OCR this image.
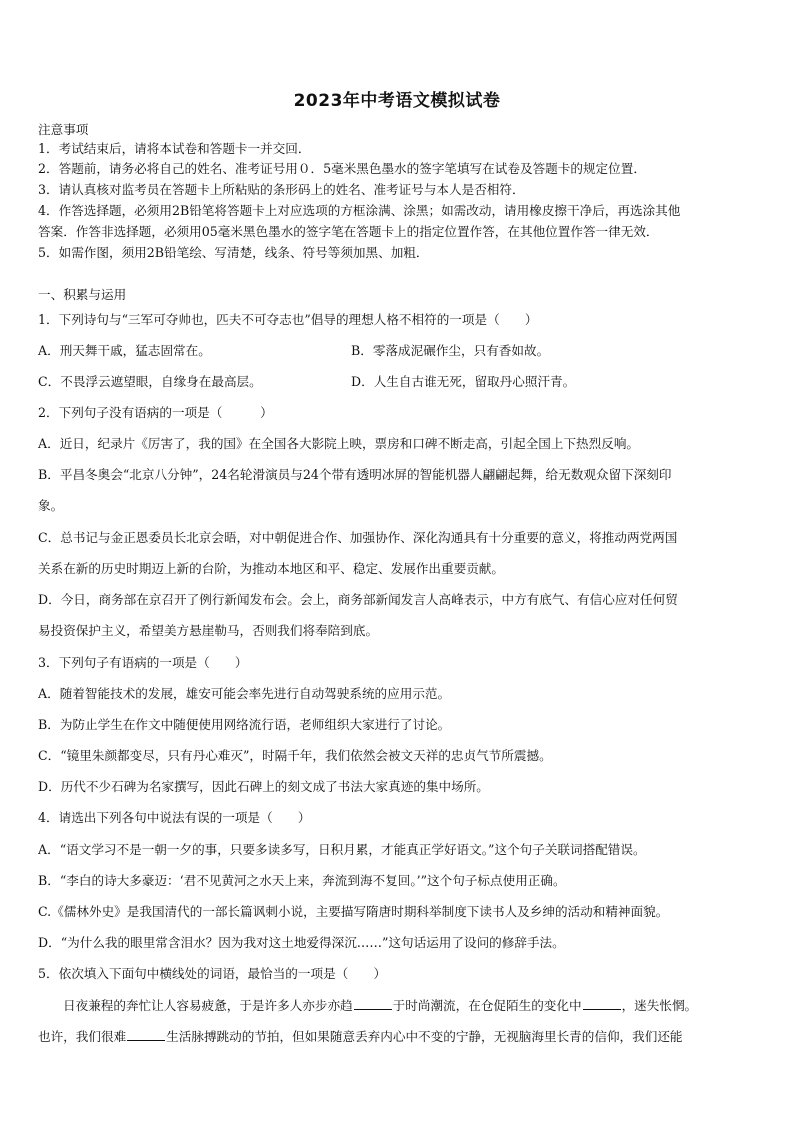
2023年中考语文模拟试卷
注意事项
1．考试结束后，请将本试卷和答题卡一并交回．
2．答题前，请务必将自己的姓名、准考证号用０．5毫米黑色墨水的签字笔填写在试卷及答题卡的规定位置．
3．请认真核对监考员在答题卡上所粘贴的条形码上的姓名、准考证号与本人是否相符．
4．作答选择题，必须用2B铅笔将答题卡上对应选项的方框涂满、涂黑；如需改动，请用橡皮擦干净后，再选涂其他
答案．作答非选择题，必须用05毫米黑色墨水的签字笔在答题卡上的指定位置作答，在其他位置作答一律无效．
5．如需作图，须用2B铅笔绘、写清楚，线条、符号等须加黑、加粗．
一、积累与运用
1．下列诗句与“三军可夺帅也，匹夫不可夺志也”倡导的理想人格不相符的一项是（　　）
A．刑天舞干戚，猛志固常在。	B．零落成泥碾作尘，只有香如故。
C．不畏浮云遮望眼，自缘身在最高层。	D．人生自古谁无死，留取丹心照汗青。
2．下列句子没有语病的一项是（　　　）
A．近日，纪录片《厉害了，我的国》在全国各大影院上映，票房和口碑不断走高，引起全国上下热烈反响。
B．平昌冬奥会“北京八分钟”，24名轮滑演员与24个带有透明冰屏的智能机器人翩翩起舞，给无数观众留下深刻印
象。
C．总书记与金正恩委员长北京会晤，对中朝促进合作、加强协作、深化沟通具有十分重要的意义，将推动两党两国
关系在新的历史时期迈上新的台阶，为推动本地区和平、稳定、发展作出重要贡献。
D．今日，商务部在京召开了例行新闻发布会。会上，商务部新闻发言人高峰表示，中方有底气、有信心应对任何贸
易投资保护主义，希望美方悬崖勒马，否则我们将奉陪到底。
3．下列句子有语病的一项是（　　）
A．随着智能技术的发展，雄安可能会率先进行自动驾驶系统的应用示范。
B．为防止学生在作文中随便使用网络流行语，老师组织大家进行了讨论。
C．“镜里朱颜都变尽，只有丹心难灭”，时隔千年，我们依然会被文天祥的忠贞气节所震撼。
D．历代不少石碑为名家撰写，因此石碑上的刻文成了书法大家真迹的集中场所。
4．请选出下列各句中说法有误的一项是（　　）
A．“语文学习不是一朝一夕的事，只要多读多写，日积月累，才能真正学好语文。”这个句子关联词搭配错误。
B．“李白的诗大多豪迈：‘君不见黄河之水天上来，奔流到海不复回。’”这个句子标点使用正确。
C.《儒林外史》是我国清代的一部长篇讽刺小说，主要描写隋唐时期科举制度下读书人及乡绅的活动和精神面貌。
D．“为什么我的眼里常含泪水？因为我对这土地爱得深沉……”这句话运用了设问的修辞手法。
5．依次填入下面句中横线处的词语，最恰当的一项是（　　）
日夜兼程的奔忙让人容易疲惫，于是许多人亦步亦趋	于时尚潮流，在仓促陌生的变化中	，迷失怅惘。
也许，我们很难	生活脉搏跳动的节拍，但如果随意丢弃内心中不变的宁静，无视脑海里长青的信仰，我们还能
